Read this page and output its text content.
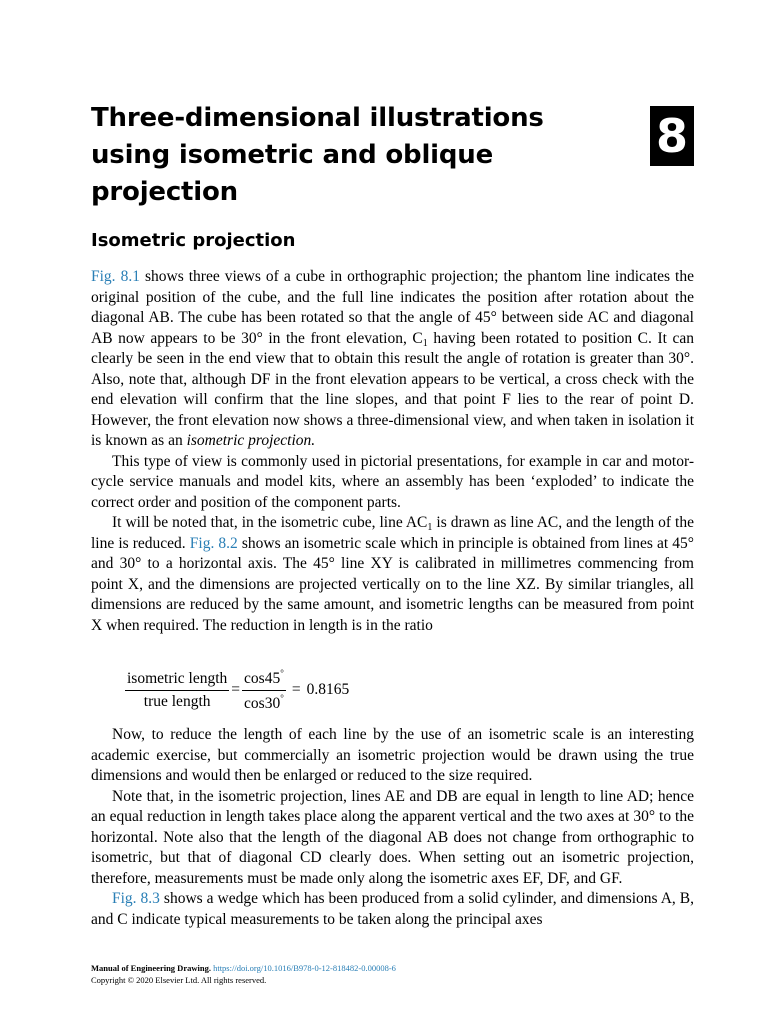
Three-dimensional illustrations using isometric and oblique projection
8
Isometric projection

Fig. 8.1 shows three views of a cube in orthographic projection; the phantom line indicates the original position of the cube, and the full line indicates the position after rotation about the diagonal AB. The cube has been rotated so that the angle of 45° between side AC and diagonal AB now appears to be 30° in the front elevation, $C_1$ having been rotated to position C. It can clearly be seen in the end view that to obtain this result the angle of rotation is greater than 30°. Also, note that, although DF in the front elevation appears to be vertical, a cross check with the end elevation will confirm that the line slopes, and that point F lies to the rear of point D. However, the front elevation now shows a three-dimensional view, and when taken in isolation it is known as an isometric projection.

This type of view is commonly used in pictorial presentations, for example in car and motor-cycle service manuals and model kits, where an assembly has been ‘exploded’ to indicate the correct order and position of the component parts.

It will be noted that, in the isometric cube, line $AC_1$ is drawn as line AC, and the length of the line is reduced. Fig. 8.2 shows an isometric scale which in principle is obtained from lines at 45° and 30° to a horizontal axis. The 45° line XY is calibrated in millimetres commencing from point X, and the dimensions are projected vertically on to the line XZ. By similar triangles, all dimensions are reduced by the same amount, and isometric lengths can be measured from point X when required. The reduction in length is in the ratio

$\frac{\text{isometric length}}{\text{true length}} = \frac{\cos 45^\circ}{\cos 30^\circ} = 0.8165$

Now, to reduce the length of each line by the use of an isometric scale is an interesting academic exercise, but commercially an isometric projection would be drawn using the true dimensions and would then be enlarged or reduced to the size required.

Note that, in the isometric projection, lines AE and DB are equal in length to line AD; hence an equal reduction in length takes place along the apparent vertical and the two axes at 30° to the horizontal. Note also that the length of the diagonal AB does not change from orthographic to isometric, but that of diagonal CD clearly does. When setting out an isometric projection, therefore, measurements must be made only along the isometric axes EF, DF, and GF.

Fig. 8.3 shows a wedge which has been produced from a solid cylinder, and dimensions A, B, and C indicate typical measurements to be taken along the principal axes

Manual of Engineering Drawing. https://doi.org/10.1016/B978-0-12-818482-0.00008-6
Copyright © 2020 Elsevier Ltd. All rights reserved.
